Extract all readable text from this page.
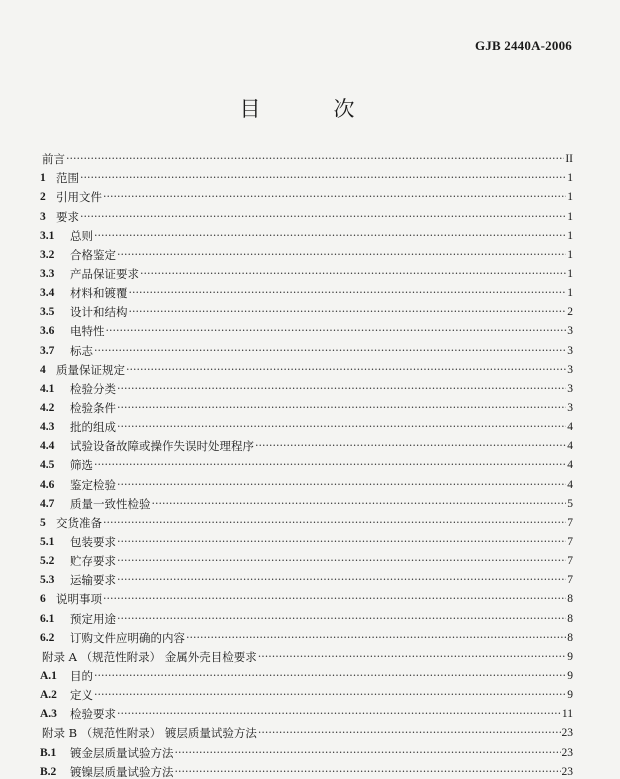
GJB 2440A-2006
目　次
前言 ·····	II
1 范围 ·····	1
2 引用文件 ·····	1
3 要求 ·····	1
3.1	总则 ·····	1
3.2	合格鉴定 ·····	1
3.3	产品保证要求 ·····	1
3.4	材料和镀覆 ·····	1
3.5	设计和结构 ·····	2
3.6	电特性 ·····	3
3.7	标志 ·····	3
4 质量保证规定 ·····	3
4.1	检验分类 ·····	3
4.2	检验条件 ·····	3
4.3	批的组成 ·····	4
4.4	试验设备故障或操作失误时处理程序 ·····	4
4.5	筛选 ·····	4
4.6	鉴定检验 ·····	4
4.7	质量一致性检验 ·····	5
5 交货准备 ·····	7
5.1	包装要求 ·····	7
5.2	贮存要求 ·····	7
5.3	运输要求 ·····	7
6 说明事项 ·····	8
6.1	预定用途 ·····	8
6.2	订购文件应明确的内容 ·····	8
附录 A （规范性附录） 金属外壳目检要求 ·····	9
A.1	目的 ·····	9
A.2	定义 ·····	9
A.3	检验要求 ·····	11
附录 B （规范性附录） 镀层质量试验方法 ·····	23
B.1	镀金层质量试验方法 ·····	23
B.2	镀镍层质量试验方法 ·····	23
